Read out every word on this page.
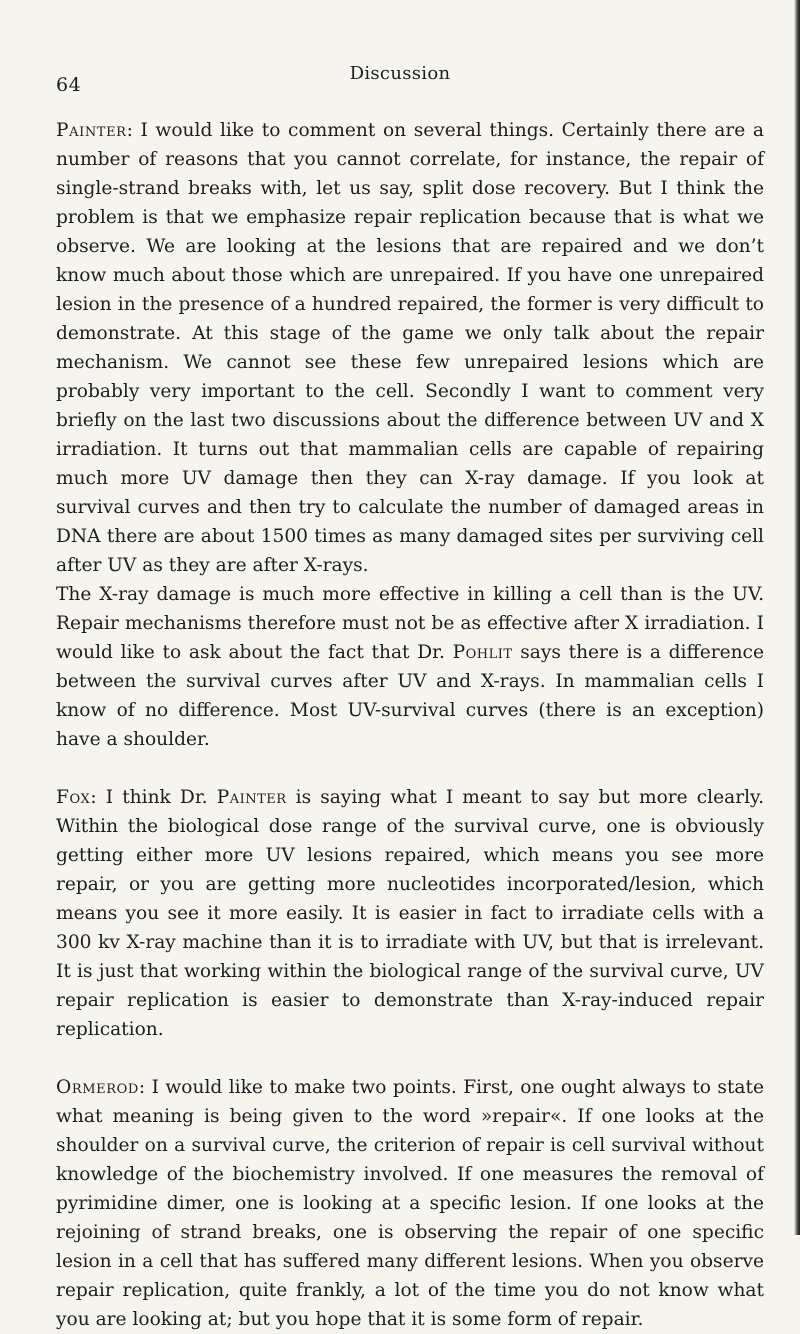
64
Discussion

Painter: I would like to comment on several things. Certainly there are a number of reasons that you cannot correlate, for instance, the repair of single-strand breaks with, let us say, split dose recovery. But I think the problem is that we emphasize repair replication because that is what we observe. We are looking at the lesions that are repaired and we don’t know much about those which are unrepaired. If you have one unrepaired lesion in the presence of a hundred repaired, the former is very difficult to demonstrate. At this stage of the game we only talk about the repair mechanism. We cannot see these few unrepaired lesions which are probably very important to the cell. Secondly I want to comment very briefly on the last two discussions about the difference between UV and X irradiation. It turns out that mammalian cells are capable of repairing much more UV damage then they can X-ray damage. If you look at survival curves and then try to calculate the number of damaged areas in DNA there are about 1500 times as many damaged sites per surviving cell after UV as they are after X-rays.

The X-ray damage is much more effective in killing a cell than is the UV. Repair mechanisms therefore must not be as effective after X irradiation. I would like to ask about the fact that Dr. Pohlit says there is a difference between the survival curves after UV and X-rays. In mammalian cells I know of no difference. Most UV-survival curves (there is an exception) have a shoulder.

Fox: I think Dr. Painter is saying what I meant to say but more clearly. Within the biological dose range of the survival curve, one is obviously getting either more UV lesions repaired, which means you see more repair, or you are getting more nucleotides incorporated/lesion, which means you see it more easily. It is easier in fact to irradiate cells with a 300 kv X-ray machine than it is to irradiate with UV, but that is irrelevant. It is just that working within the biological range of the survival curve, UV repair replication is easier to demonstrate than X-ray-induced repair replication.

Ormerod: I would like to make two points. First, one ought always to state what meaning is being given to the word »repair«. If one looks at the shoulder on a survival curve, the criterion of repair is cell survival without knowledge of the biochemistry involved. If one measures the removal of pyrimidine dimer, one is looking at a specific lesion. If one looks at the rejoining of strand breaks, one is observing the repair of one specific lesion in a cell that has suffered many different lesions. When you observe repair replication, quite frankly, a lot of the time you do not know what you are looking at; but you hope that it is some form of repair.
